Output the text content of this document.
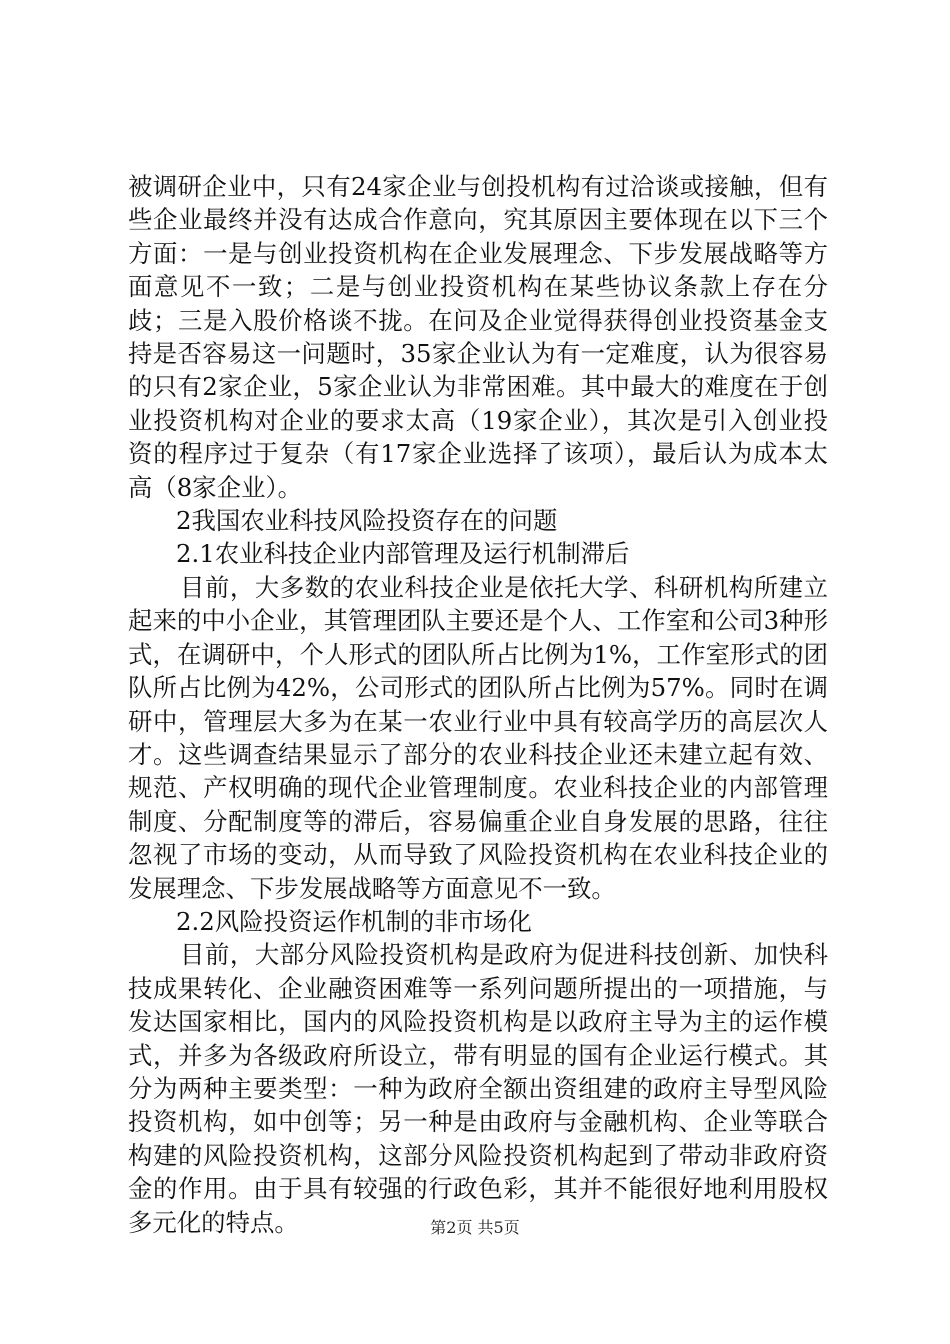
被调研企业中，只有24家企业与创投机构有过洽谈或接触，但有些企业最终并没有达成合作意向，究其原因主要体现在以下三个方面：一是与创业投资机构在企业发展理念、下步发展战略等方面意见不一致；二是与创业投资机构在某些协议条款上存在分歧；三是入股价格谈不拢。在问及企业觉得获得创业投资基金支持是否容易这一问题时，35家企业认为有一定难度，认为很容易的只有2家企业，5家企业认为非常困难。其中最大的难度在于创业投资机构对企业的要求太高（19家企业），其次是引入创业投资的程序过于复杂（有17家企业选择了该项），最后认为成本太高（8家企业）。

2我国农业科技风险投资存在的问题

2.1农业科技企业内部管理及运行机制滞后

目前，大多数的农业科技企业是依托大学、科研机构所建立起来的中小企业，其管理团队主要还是个人、工作室和公司3种形式，在调研中，个人形式的团队所占比例为1%，工作室形式的团队所占比例为42%，公司形式的团队所占比例为57%。同时在调研中，管理层大多为在某一农业行业中具有较高学历的高层次人才。这些调查结果显示了部分的农业科技企业还未建立起有效、规范、产权明确的现代企业管理制度。农业科技企业的内部管理制度、分配制度等的滞后，容易偏重企业自身发展的思路，往往忽视了市场的变动，从而导致了风险投资机构在农业科技企业的发展理念、下步发展战略等方面意见不一致。

2.2风险投资运作机制的非市场化

目前，大部分风险投资机构是政府为促进科技创新、加快科技成果转化、企业融资困难等一系列问题所提出的一项措施，与发达国家相比，国内的风险投资机构是以政府主导为主的运作模式，并多为各级政府所设立，带有明显的国有企业运行模式。其分为两种主要类型：一种为政府全额出资组建的政府主导型风险投资机构，如中创等；另一种是由政府与金融机构、企业等联合构建的风险投资机构，这部分风险投资机构起到了带动非政府资金的作用。由于具有较强的行政色彩，其并不能很好地利用股权多元化的特点。	第2页 共5页
